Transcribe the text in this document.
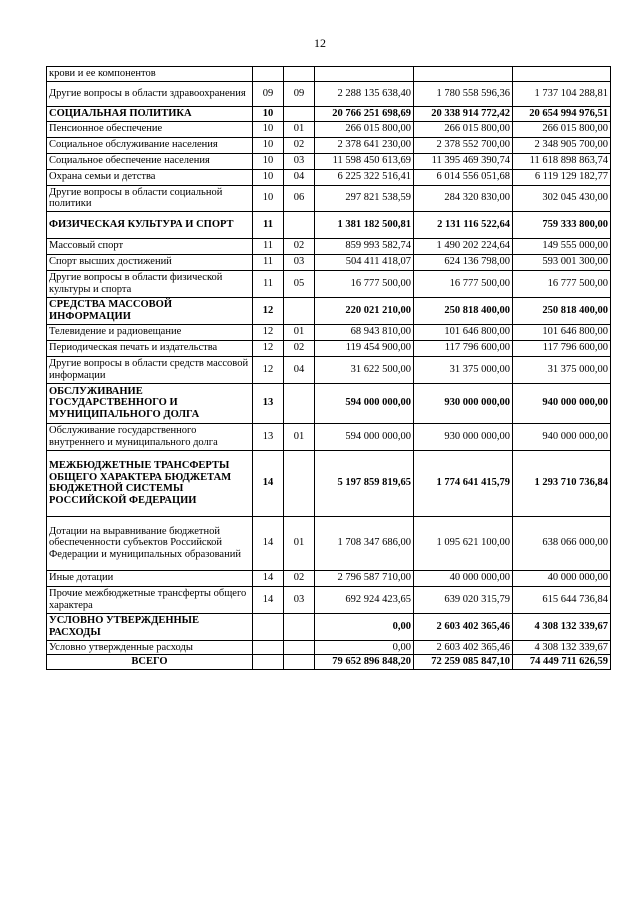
12
крови и ее компонентов					
Другие вопросы в области здравоохранения	09	09	2 288 135 638,40	1 780 558 596,36	1 737 104 288,81
СОЦИАЛЬНАЯ ПОЛИТИКА	10		20 766 251 698,69	20 338 914 772,42	20 654 994 976,51
Пенсионное обеспечение	10	01	266 015 800,00	266 015 800,00	266 015 800,00
Социальное обслуживание населения	10	02	2 378 641 230,00	2 378 552 700,00	2 348 905 700,00
Социальное обеспечение населения	10	03	11 598 450 613,69	11 395 469 390,74	11 618 898 863,74
Охрана семьи и детства	10	04	6 225 322 516,41	6 014 556 051,68	6 119 129 182,77
Другие вопросы в области социальной политики	10	06	297 821 538,59	284 320 830,00	302 045 430,00
ФИЗИЧЕСКАЯ КУЛЬТУРА И СПОРТ	11		1 381 182 500,81	2 131 116 522,64	759 333 800,00
Массовый спорт	11	02	859 993 582,74	1 490 202 224,64	149 555 000,00
Спорт высших достижений	11	03	504 411 418,07	624 136 798,00	593 001 300,00
Другие вопросы в области физической культуры и спорта	11	05	16 777 500,00	16 777 500,00	16 777 500,00
СРЕДСТВА МАССОВОЙ ИНФОРМАЦИИ	12		220 021 210,00	250 818 400,00	250 818 400,00
Телевидение и радиовещание	12	01	68 943 810,00	101 646 800,00	101 646 800,00
Периодическая печать и издательства	12	02	119 454 900,00	117 796 600,00	117 796 600,00
Другие вопросы в области средств массовой информации	12	04	31 622 500,00	31 375 000,00	31 375 000,00
ОБСЛУЖИВАНИЕ ГОСУДАРСТВЕННОГО И МУНИЦИПАЛЬНОГО ДОЛГА	13		594 000 000,00	930 000 000,00	940 000 000,00
Обслуживание государственного внутреннего и муниципального долга	13	01	594 000 000,00	930 000 000,00	940 000 000,00
МЕЖБЮДЖЕТНЫЕ ТРАНСФЕРТЫ ОБЩЕГО ХАРАКТЕРА БЮДЖЕТАМ БЮДЖЕТНОЙ СИСТЕМЫ РОССИЙСКОЙ ФЕДЕРАЦИИ	14		5 197 859 819,65	1 774 641 415,79	1 293 710 736,84
Дотации на выравнивание бюджетной обеспеченности субъектов Российской Федерации и муниципальных образований	14	01	1 708 347 686,00	1 095 621 100,00	638 066 000,00
Иные дотации	14	02	2 796 587 710,00	40 000 000,00	40 000 000,00
Прочие межбюджетные трансферты общего характера	14	03	692 924 423,65	639 020 315,79	615 644 736,84
УСЛОВНО УТВЕРЖДЕННЫЕ РАСХОДЫ			0,00	2 603 402 365,46	4 308 132 339,67
Условно утвержденные расходы			0,00	2 603 402 365,46	4 308 132 339,67
ВСЕГО			79 652 896 848,20	72 259 085 847,10	74 449 711 626,59
